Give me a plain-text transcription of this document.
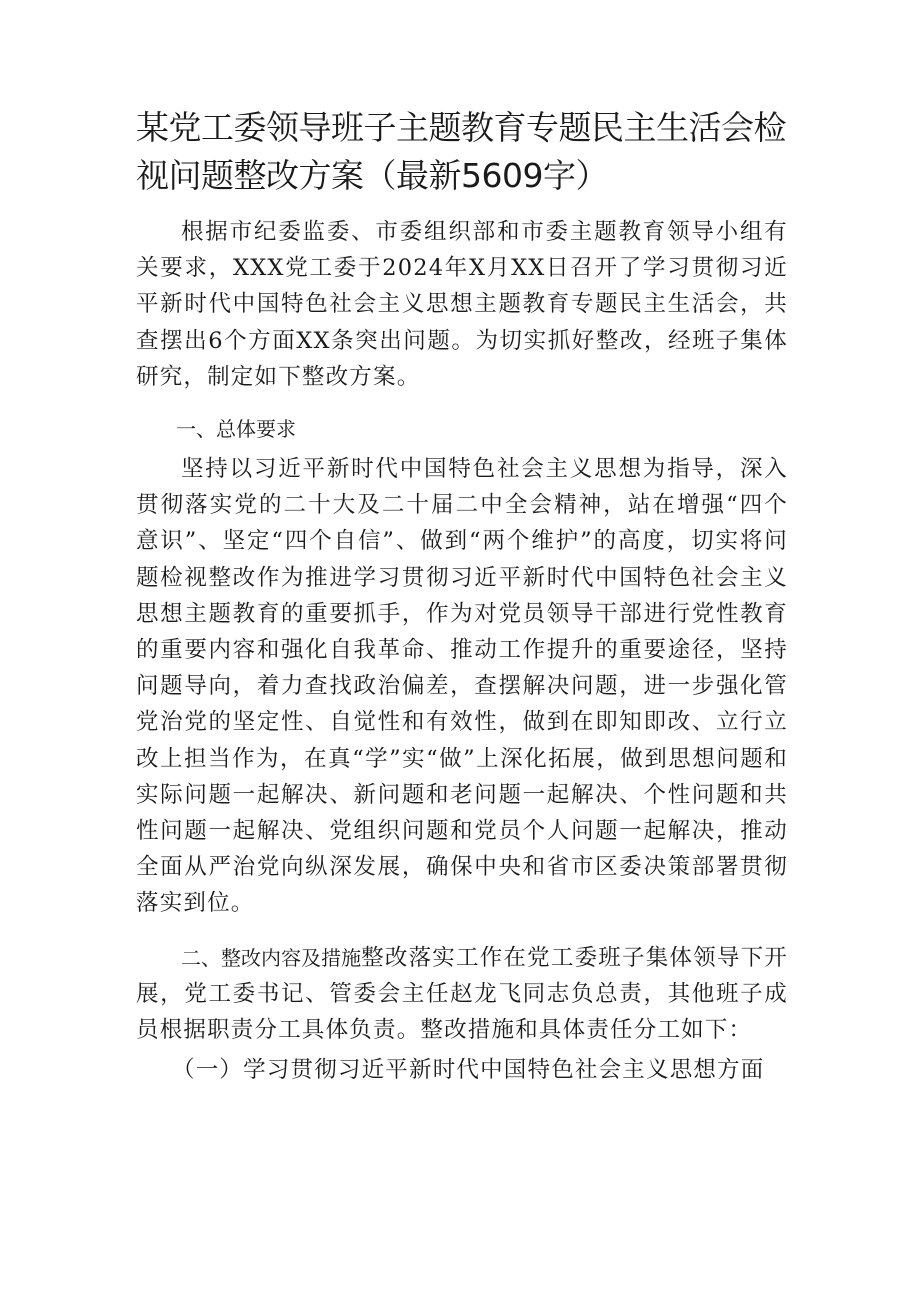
某党工委领导班子主题教育专题民主生活会检视问题整改方案（最新5609字）

根据市纪委监委、市委组织部和市委主题教育领导小组有关要求，XXX党工委于2024年X月XX日召开了学习贯彻习近平新时代中国特色社会主义思想主题教育专题民主生活会，共查摆出6个方面XX条突出问题。为切实抓好整改，经班子集体研究，制定如下整改方案。

一、总体要求

坚持以习近平新时代中国特色社会主义思想为指导，深入贯彻落实党的二十大及二十届二中全会精神，站在增强“四个意识”、坚定“四个自信”、做到“两个维护”的高度，切实将问题检视整改作为推进学习贯彻习近平新时代中国特色社会主义思想主题教育的重要抓手，作为对党员领导干部进行党性教育的重要内容和强化自我革命、推动工作提升的重要途径，坚持问题导向，着力查找政治偏差，查摆解决问题，进一步强化管党治党的坚定性、自觉性和有效性，做到在即知即改、立行立改上担当作为，在真“学”实“做”上深化拓展，做到思想问题和实际问题一起解决、新问题和老问题一起解决、个性问题和共性问题一起解决、党组织问题和党员个人问题一起解决，推动全面从严治党向纵深发展，确保中央和省市区委决策部署贯彻落实到位。

二、整改内容及措施整改落实工作在党工委班子集体领导下开展，党工委书记、管委会主任赵龙飞同志负总责，其他班子成员根据职责分工具体负责。整改措施和具体责任分工如下：

（一）学习贯彻习近平新时代中国特色社会主义思想方面
